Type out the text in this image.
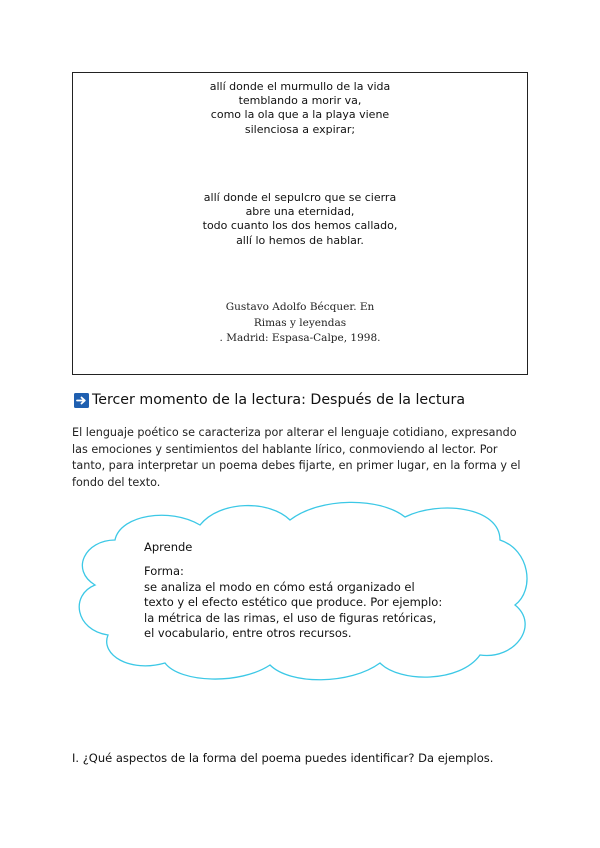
allí donde el murmullo de la vida
temblando a morir va,
como la ola que a la playa viene
silenciosa a expirar;
allí donde el sepulcro que se cierra
abre una eternidad,
todo cuanto los dos hemos callado,
allí lo hemos de hablar.
Gustavo Adolfo Bécquer. En
Rimas y leyendas
. Madrid: Espasa-Calpe, 1998.
Tercer momento de la lectura: Después de la lectura
El lenguaje poético se caracteriza por alterar el lenguaje cotidiano, expresando las emociones y sentimientos del hablante lírico, conmoviendo al lector. Por tanto, para interpretar un poema debes fijarte, en primer lugar, en la forma y el fondo del texto.
Aprende
Forma:
se analiza el modo en cómo está organizado el texto y el efecto estético que produce. Por ejemplo: la métrica de las rimas, el uso de figuras retóricas, el vocabulario, entre otros recursos.
I. ¿Qué aspectos de la forma del poema puedes identificar? Da ejemplos.
